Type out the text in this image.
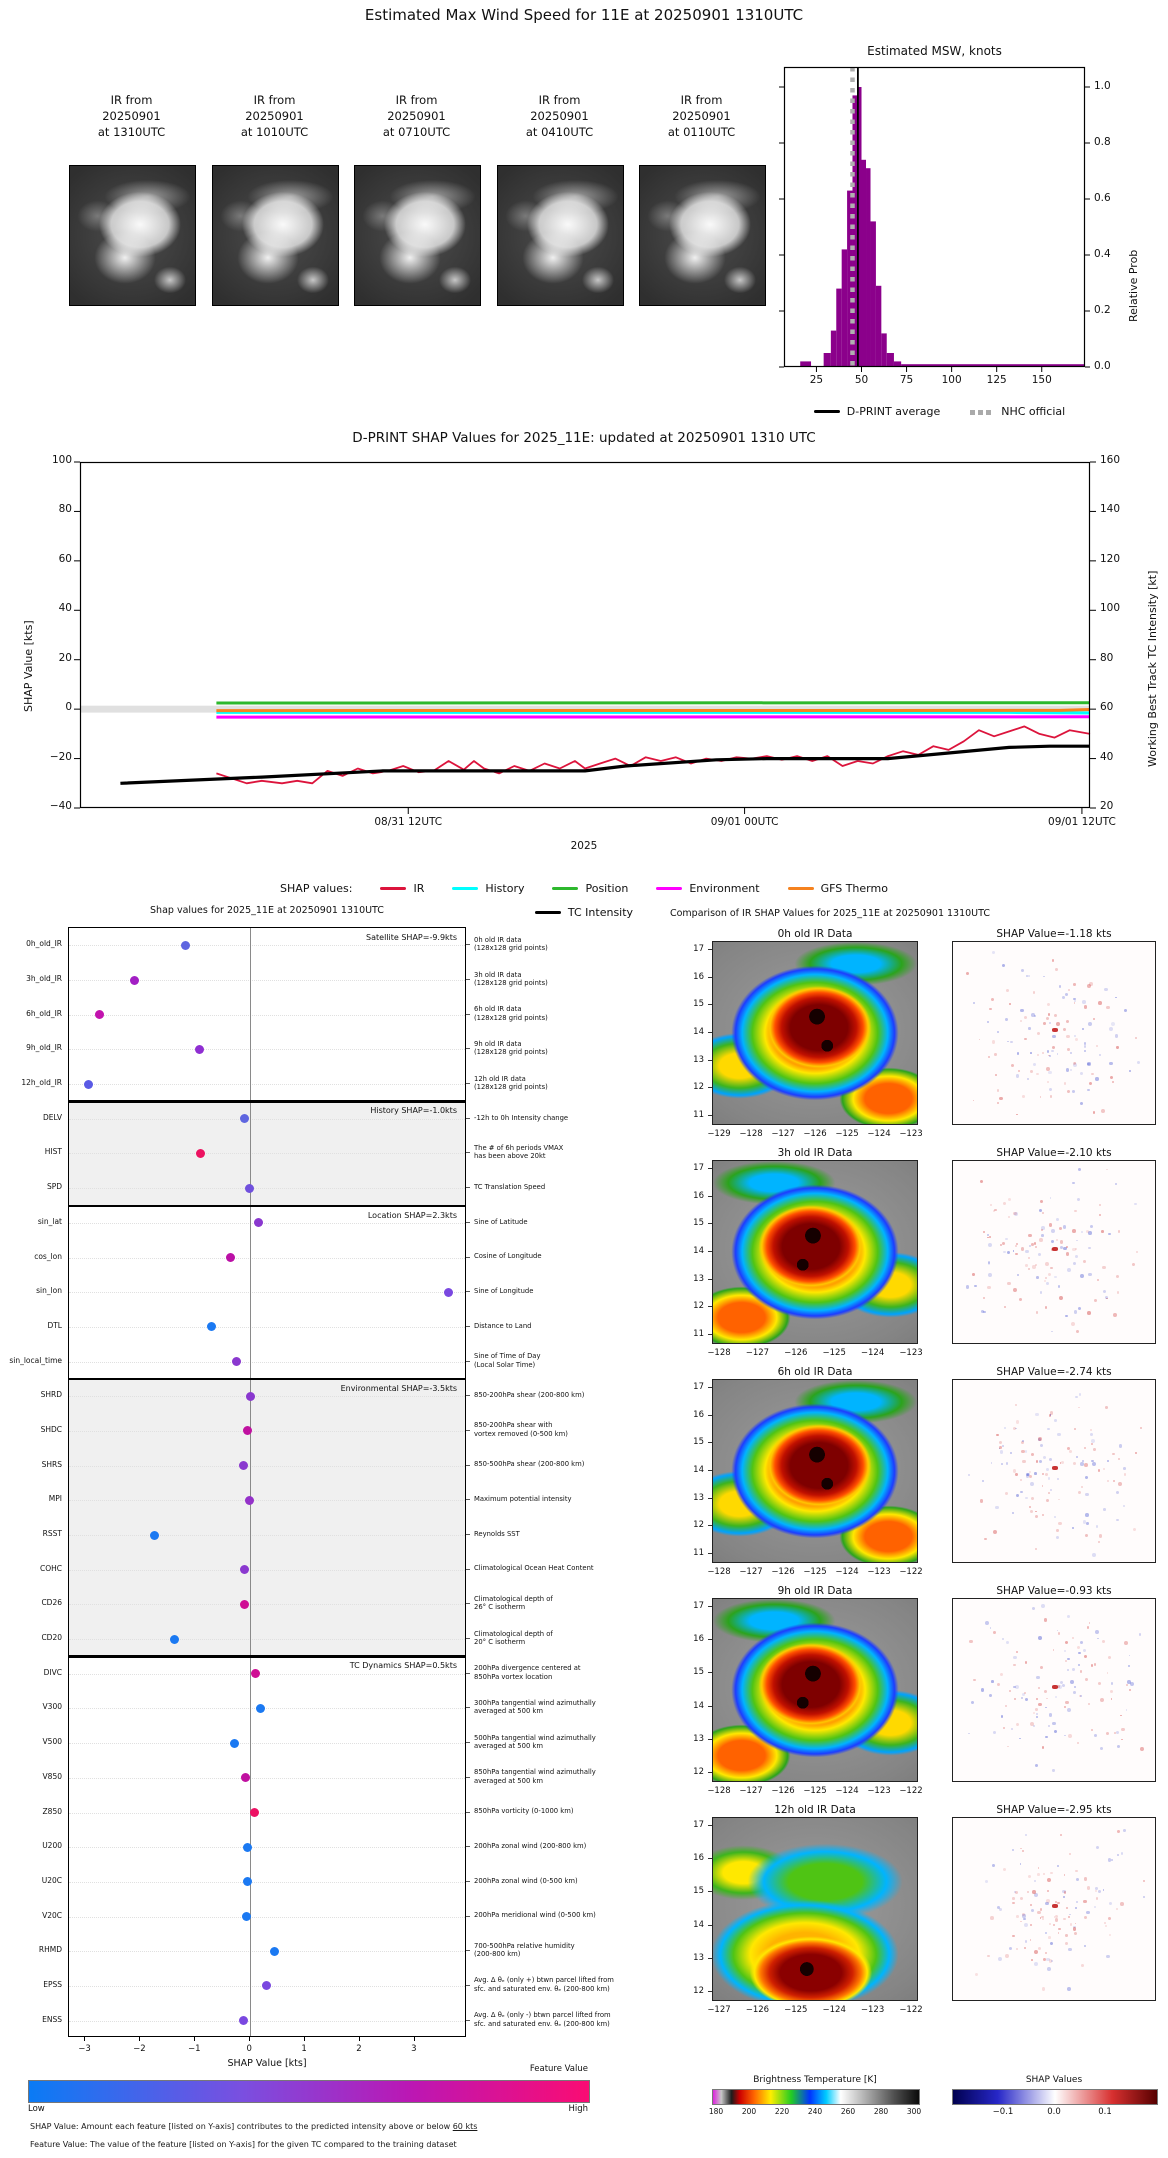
Estimated Max Wind Speed for 11E at 20250901 1310UTC
IR from
20250901
at 1310UTC
IR from
20250901
at 1010UTC
IR from
20250901
at 0710UTC
IR from
20250901
at 0410UTC
IR from
20250901
at 0110UTC
Estimated MSW, knots
25	50	75	100	125	150
0.0
0.2
0.4
0.6
0.8
1.0
Relative Prob
D-PRINT average	NHC official
D-PRINT SHAP Values for 2025_11E: updated at 20250901 1310 UTC
100
80
60
40
20
0
−20
−40
160
140
120
100
80
60
40
20
SHAP Value [kts]	Working Best Track TC Intensity [kt]
08/31 12UTC	09/01 00UTC	09/01 12UTC
2025
SHAP values:	IR	History	Position	Environment	GFS Thermo
TC Intensity
Shap values for 2025_11E at 20250901 1310UTC
Satellite SHAP=-9.9kts
History SHAP=-1.0kts
Location SHAP=2.3kts
Environmental SHAP=-3.5kts
TC Dynamics SHAP=0.5kts
0h_old_IR	0h old IR data
(128x128 grid points)
3h_old_IR	3h old IR data
(128x128 grid points)
6h_old_IR	6h old IR data
(128x128 grid points)
9h_old_IR	9h old IR data
(128x128 grid points)
12h_old_IR	12h old IR data
(128x128 grid points)
DELV	-12h to 0h Intensity change
HIST	The # of 6h periods VMAX
has been above 20kt
SPD	TC Translation Speed
sin_lat	Sine of Latitude
cos_lon	Cosine of Longitude
sin_lon	Sine of Longitude
DTL	Distance to Land
sin_local_time	Sine of Time of Day
(Local Solar Time)
SHRD	850-200hPa shear (200-800 km)
SHDC	850-200hPa shear with
vortex removed (0-500 km)
SHRS	850-500hPa shear (200-800 km)
MPI	Maximum potential intensity
RSST	Reynolds SST
COHC	Climatological Ocean Heat Content
CD26	Climatological depth of
26° C isotherm
CD20	Climatological depth of
20° C isotherm
DIVC	200hPa divergence centered at
850hPa vortex location
V300	300hPa tangential wind azimuthally
averaged at 500 km
V500	500hPa tangential wind azimuthally
averaged at 500 km
V850	850hPa tangential wind azimuthally
averaged at 500 km
Z850	850hPa vorticity (0-1000 km)
U200	200hPa zonal wind (200-800 km)
U20C	200hPa zonal wind (0-500 km)
V20C	200hPa meridional wind (0-500 km)
RHMD	700-500hPa relative humidity
(200-800 km)
EPSS	Avg. Δ θₑ (only +) btwn parcel lifted from
sfc. and saturated env. θₑ (200-800 km)
ENSS	Avg. Δ θₑ (only -) btwn parcel lifted from
sfc. and saturated env. θₑ (200-800 km)
−3	−2	−1	0	1	2	3
SHAP Value [kts]	Feature Value
Low	High
SHAP Value: Amount each feature [listed on Y-axis] contributes to the predicted intensity above or below 60 kts
Feature Value: The value of the feature [listed on Y-axis] for the given TC compared to the training dataset
Comparison of IR SHAP Values for 2025_11E at 20250901 1310UTC
0h old IR Data	SHAP Value=-1.18 kts
17
16
15
14
13
12
11
−129	−128	−127	−126	−125	−124	−123
3h old IR Data	SHAP Value=-2.10 kts
17
16
15
14
13
12
11
−128	−127	−126	−125	−124	−123
6h old IR Data	SHAP Value=-2.74 kts
17
16
15
14
13
12
11
−128	−127	−126	−125	−124	−123	−122
9h old IR Data	SHAP Value=-0.93 kts
17
16
15
14
13
12
−128	−127	−126	−125	−124	−123	−122
12h old IR Data	SHAP Value=-2.95 kts
17
16
15
14
13
12
−127	−126	−125	−124	−123	−122
Brightness Temperature [K]
180	200	220	240	260	280	300
SHAP Values
−0.1	0.0	0.1
